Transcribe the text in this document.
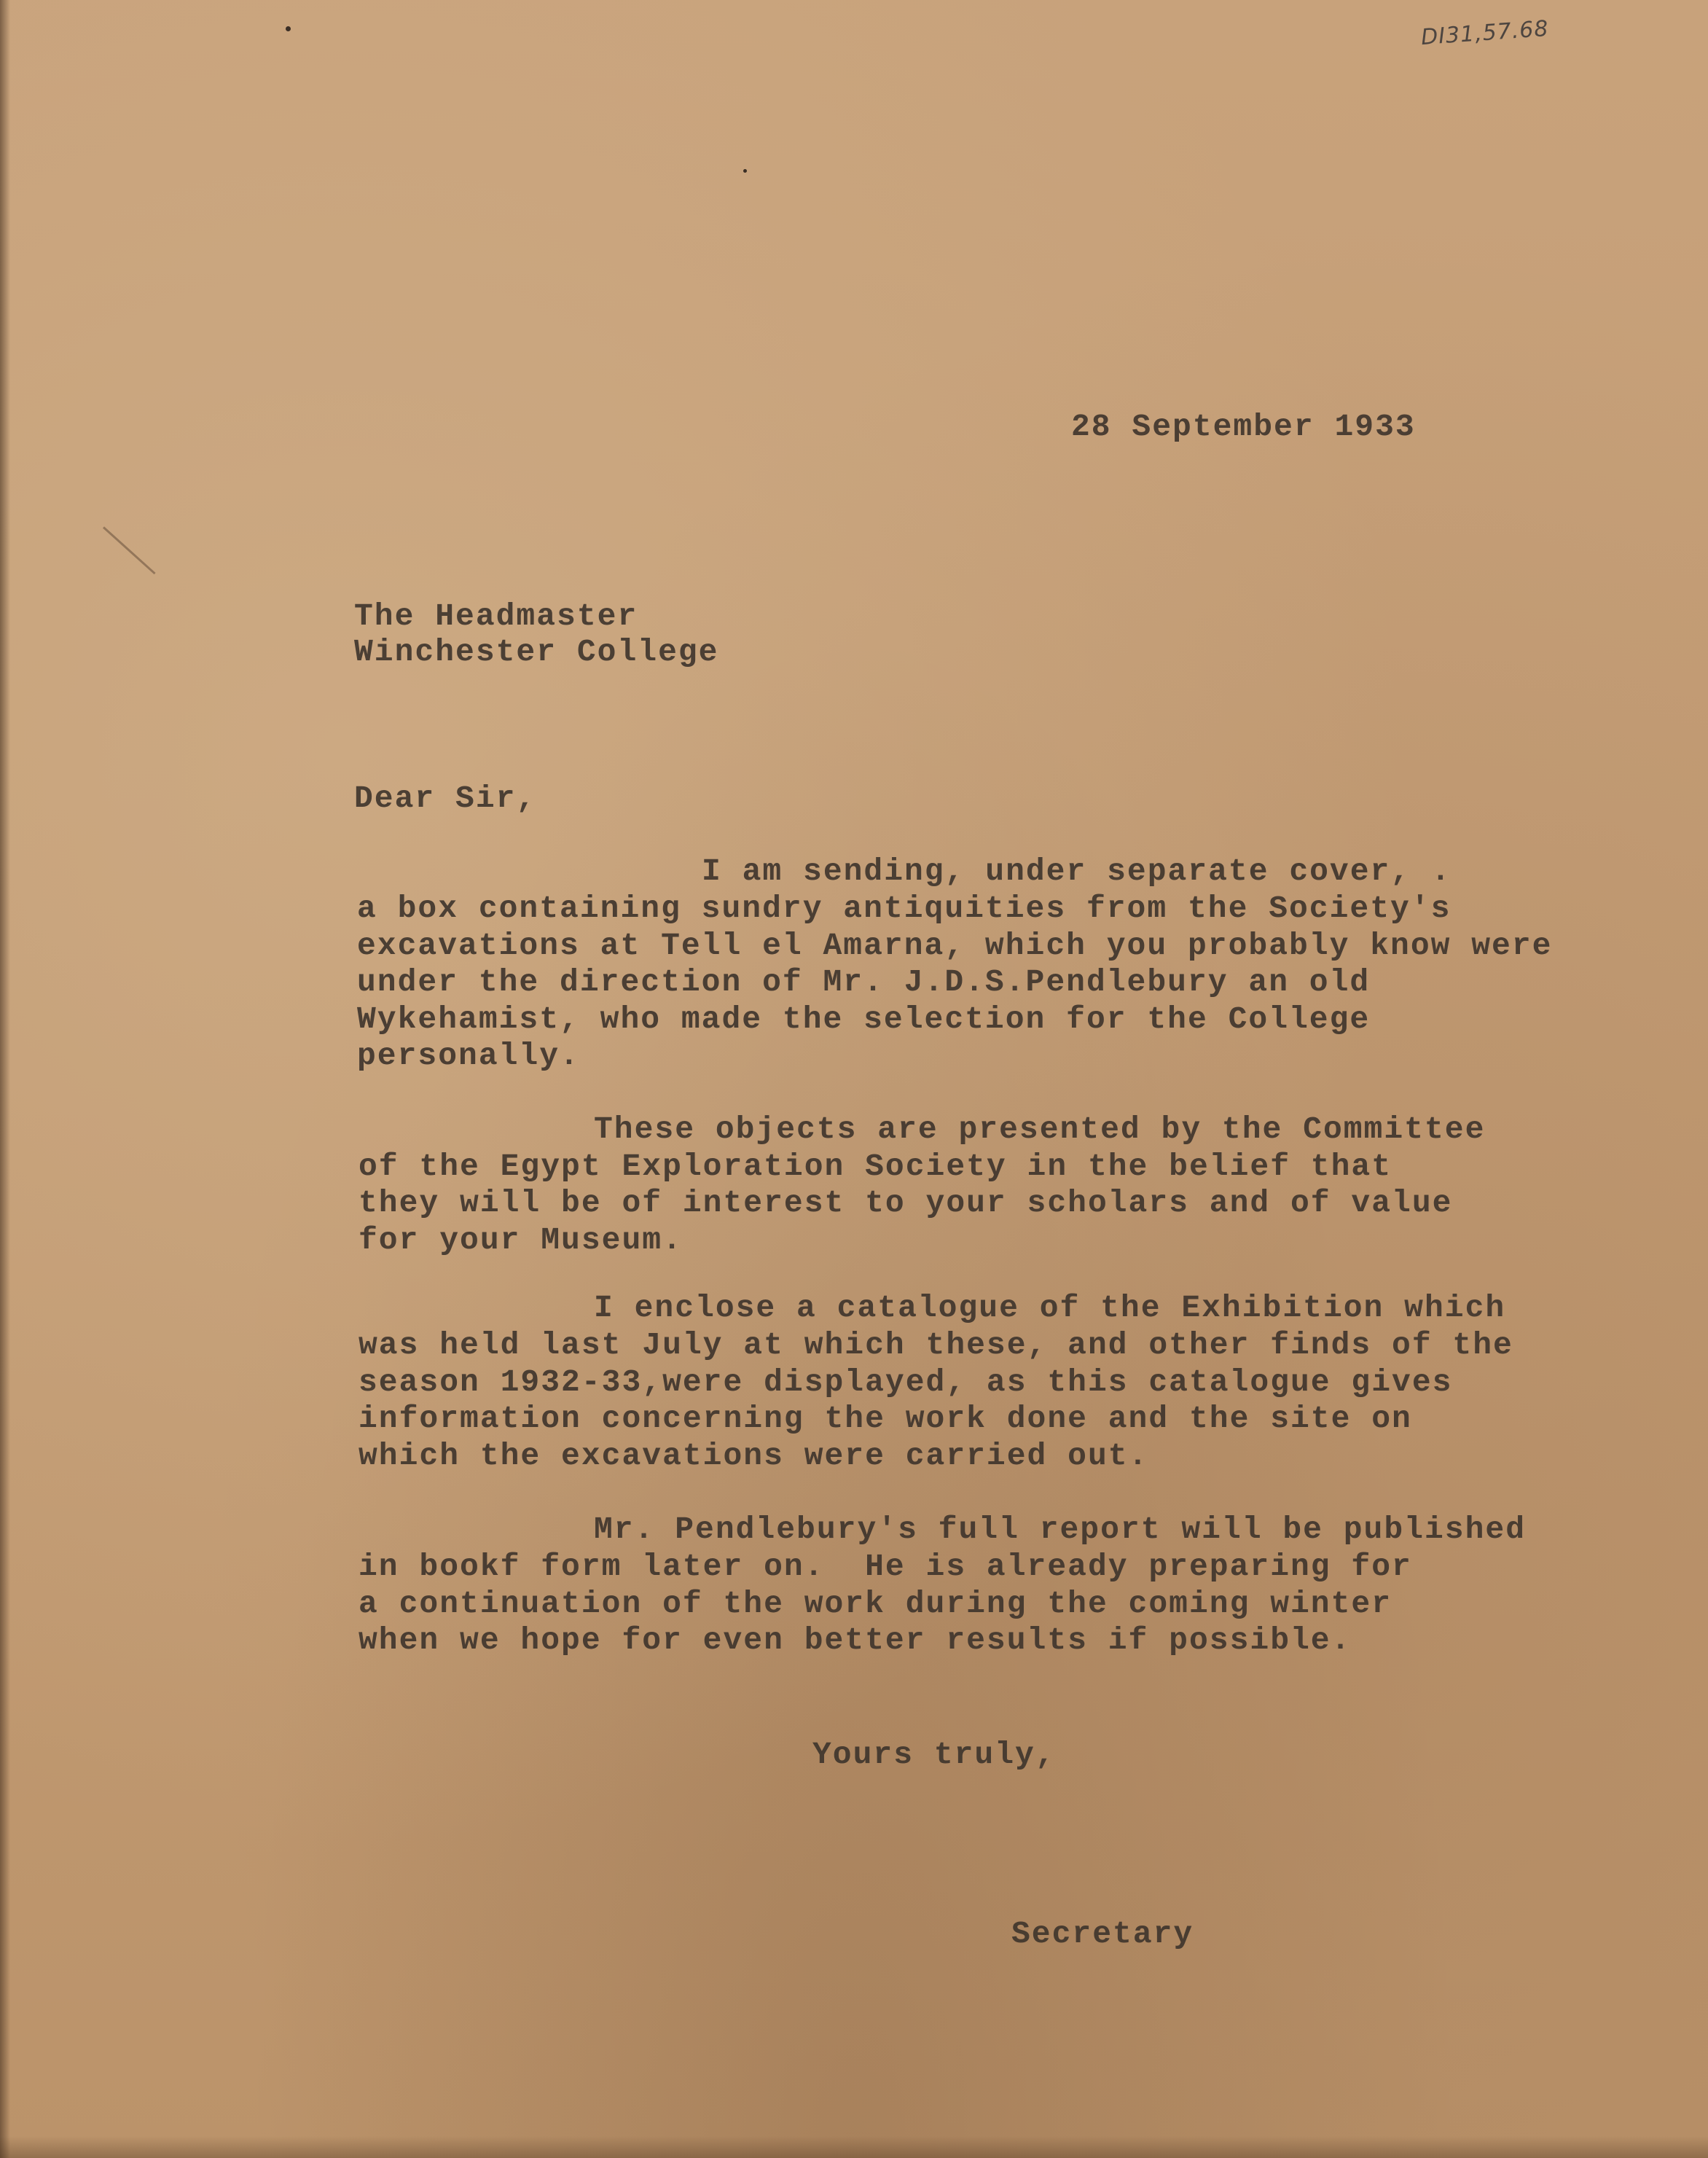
DI31,57.68
28 September 1933
The Headmaster
Winchester College
Dear Sir,
I am sending, under separate cover, .
a box containing sundry antiquities from the Society's
excavations at Tell el Amarna, which you probably know were
under the direction of Mr. J.D.S.Pendlebury an old
Wykehamist, who made the selection for the College
personally.
These objects are presented by the Committee
of the Egypt Exploration Society in the belief that
they will be of interest to your scholars and of value
for your Museum.
I enclose a catalogue of the Exhibition which
was held last July at which these, and other finds of the
season 1932-33,were displayed, as this catalogue gives
information concerning the work done and the site on
which the excavations were carried out.
Mr. Pendlebury's full report will be published
in bookf form later on.  He is already preparing for
a continuation of the work during the coming winter
when we hope for even better results if possible.
Yours truly,
Secretary
